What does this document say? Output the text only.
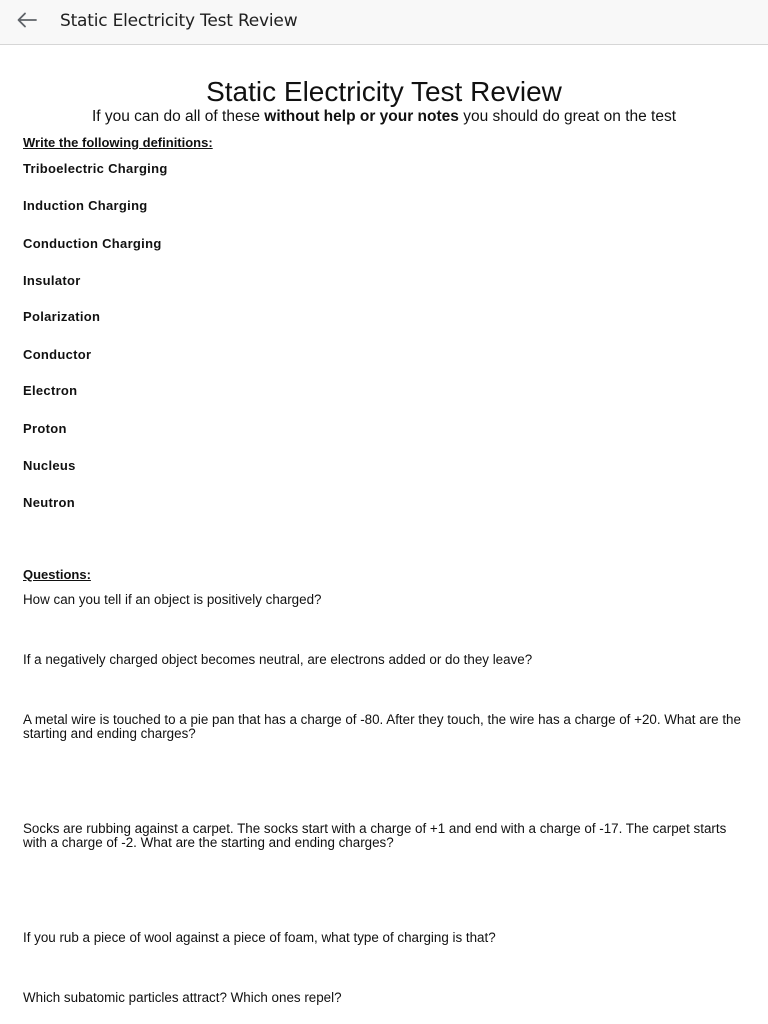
Static Electricity Test Review
Static Electricity Test Review
If you can do all of these without help or your notes you should do great on the test
Write the following definitions:
Triboelectric Charging
Induction Charging
Conduction Charging
Insulator
Polarization
Conductor
Electron
Proton
Nucleus
Neutron
Questions:
How can you tell if an object is positively charged?
If a negatively charged object becomes neutral, are electrons added or do they leave?
A metal wire is touched to a pie pan that has a charge of -80. After they touch, the wire has a charge of +20. What are the starting and ending charges?
Socks are rubbing against a carpet. The socks start with a charge of +1 and end with a charge of -17. The carpet starts with a charge of -2. What are the starting and ending charges?
If you rub a piece of wool against a piece of foam, what type of charging is that?
Which subatomic particles attract? Which ones repel?
